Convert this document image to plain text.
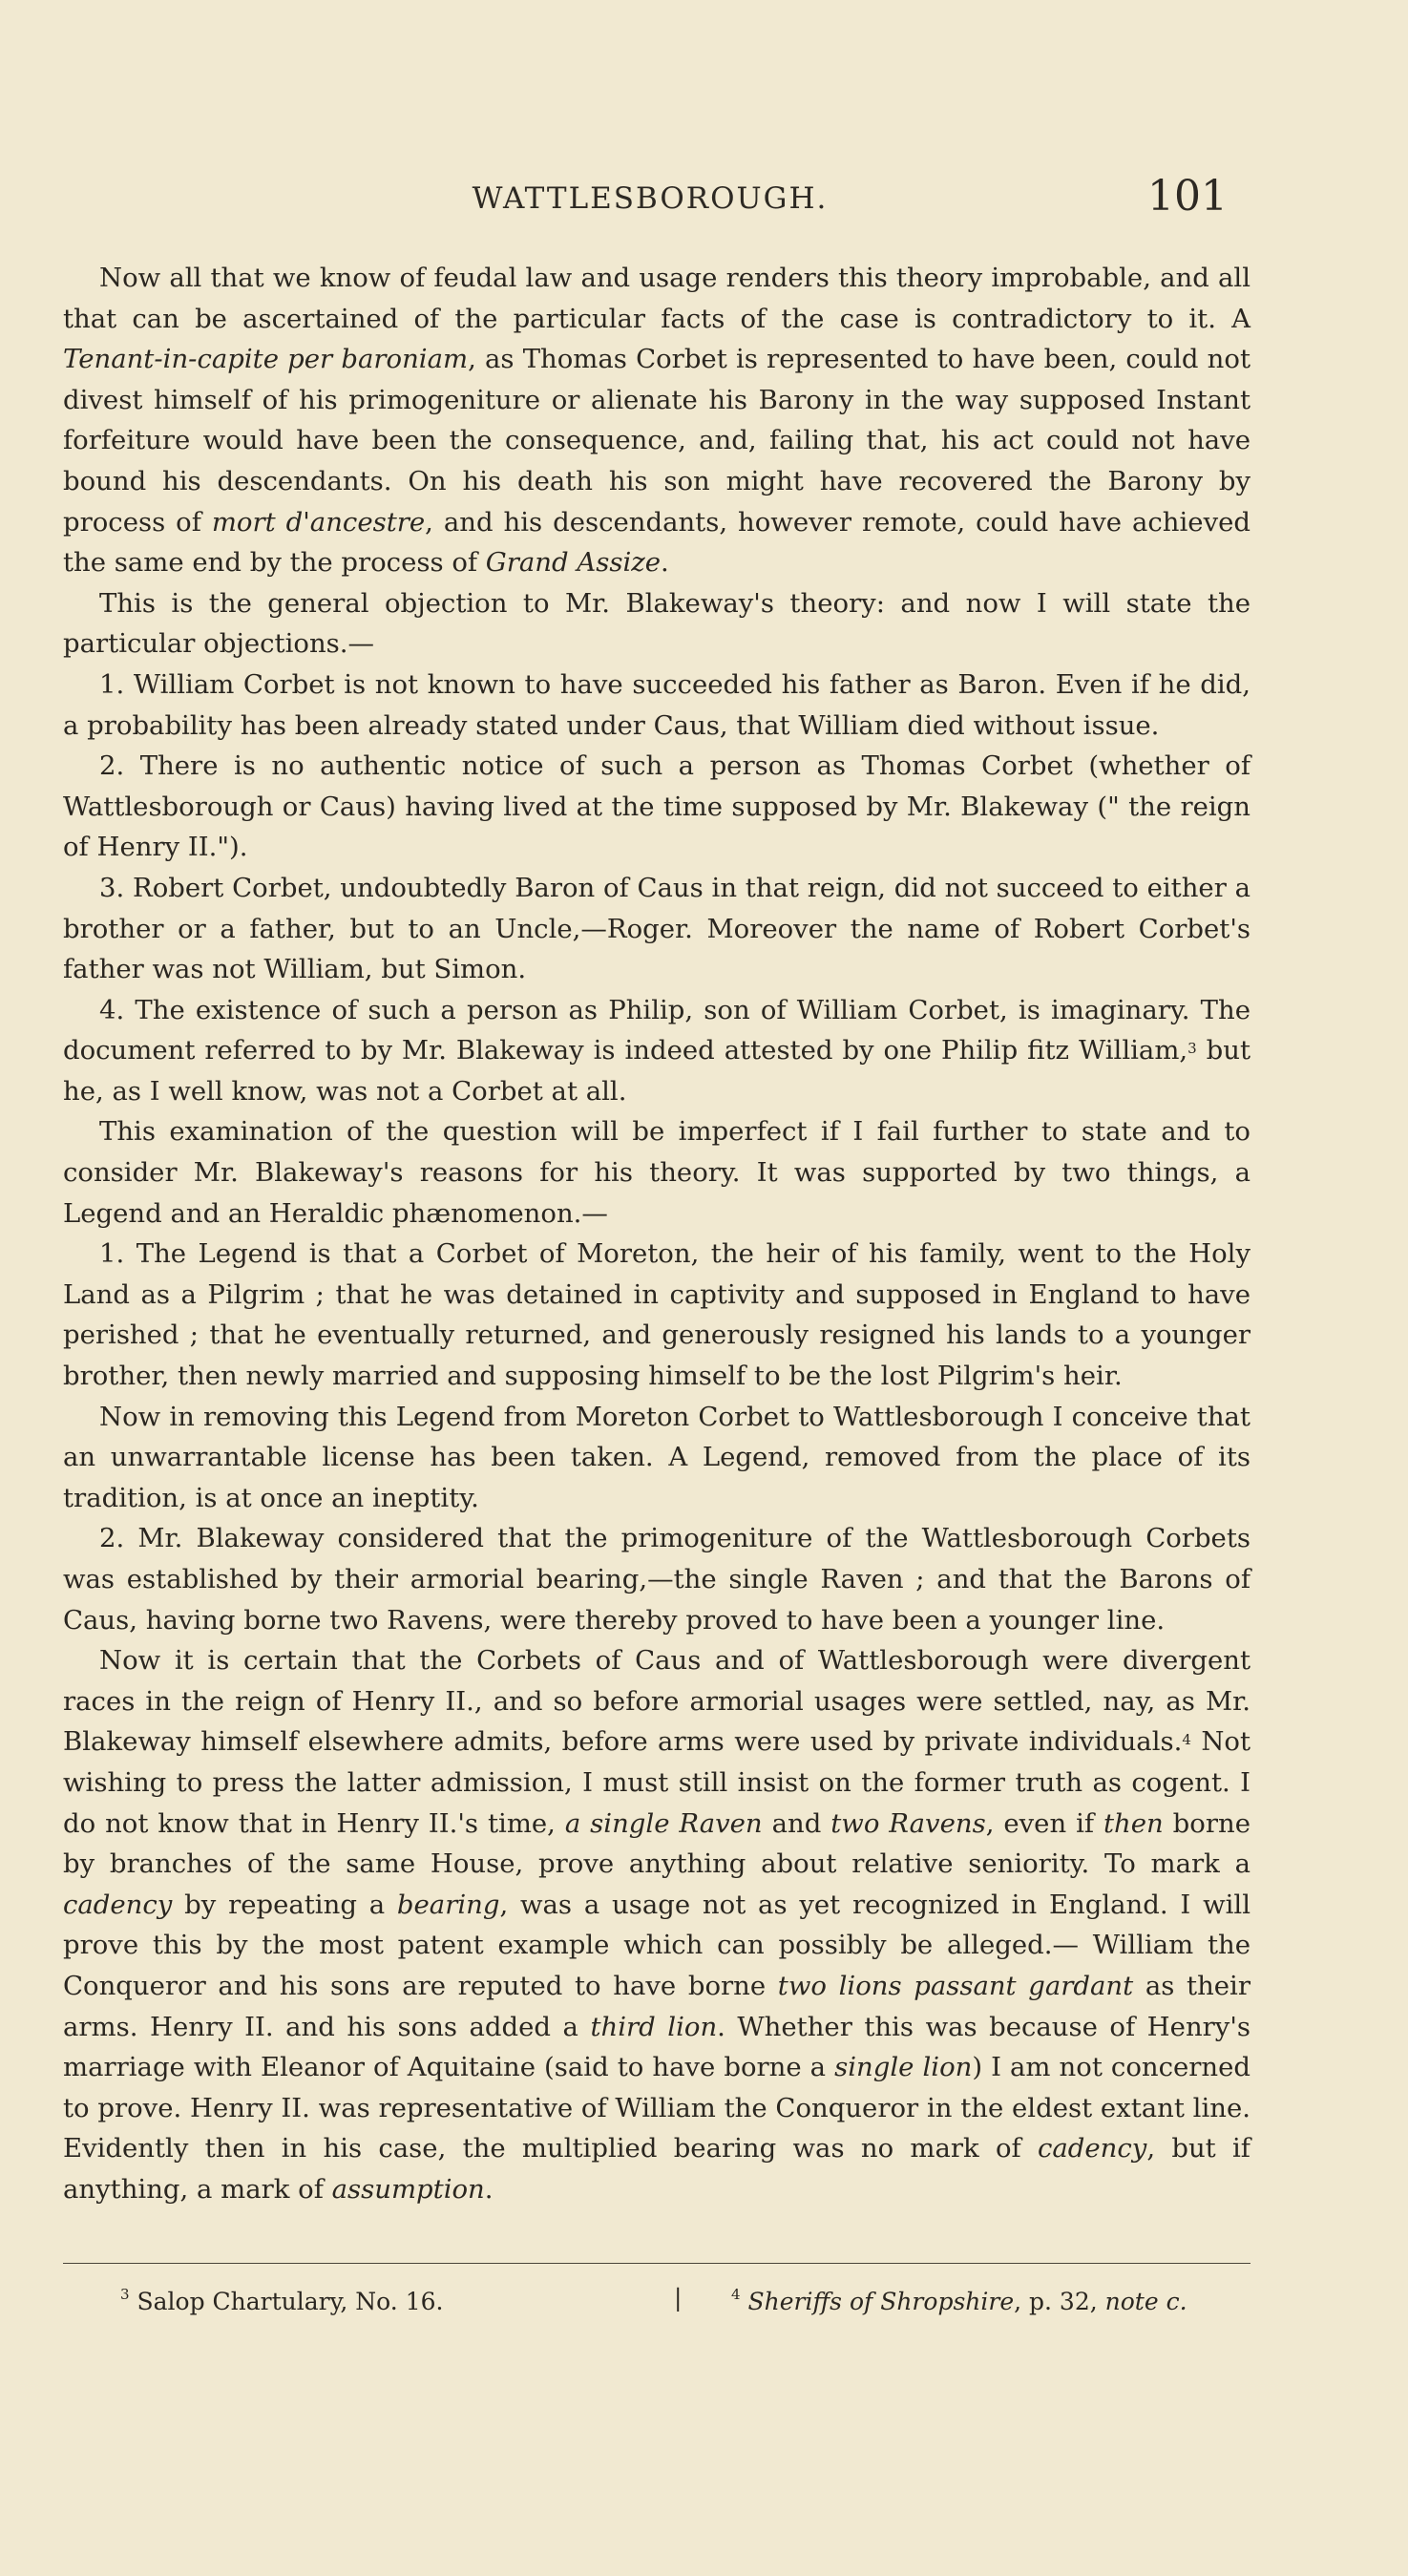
WATTLESBOROUGH.	101

Now all that we know of feudal law and usage renders this theory improbable, and all that can be ascertained of the particular facts of the case is contradictory to it. A Tenant-in-capite per baroniam, as Thomas Corbet is represented to have been, could not divest himself of his primogeniture or alienate his Barony in the way supposed Instant forfeiture would have been the consequence, and, failing that, his act could not have bound his descendants. On his death his son might have recovered the Barony by process of mort d'ancestre, and his descendants, however remote, could have achieved the same end by the process of Grand Assize.

This is the general objection to Mr. Blakeway's theory: and now I will state the particular objections.—

1. William Corbet is not known to have succeeded his father as Baron. Even if he did, a probability has been already stated under Caus, that William died without issue.

2. There is no authentic notice of such a person as Thomas Corbet (whether of Wattlesborough or Caus) having lived at the time supposed by Mr. Blakeway (" the reign of Henry II.").

3. Robert Corbet, undoubtedly Baron of Caus in that reign, did not succeed to either a brother or a father, but to an Uncle,—Roger. Moreover the name of Robert Corbet's father was not William, but Simon.

4. The existence of such a person as Philip, son of William Corbet, is imaginary. The document referred to by Mr. Blakeway is indeed attested by one Philip fitz William,$^3$ but he, as I well know, was not a Corbet at all.

This examination of the question will be imperfect if I fail further to state and to consider Mr. Blakeway's reasons for his theory. It was supported by two things, a Legend and an Heraldic phænomenon.—

1. The Legend is that a Corbet of Moreton, the heir of his family, went to the Holy Land as a Pilgrim ; that he was detained in captivity and supposed in England to have perished ; that he eventually returned, and generously resigned his lands to a younger brother, then newly married and supposing himself to be the lost Pilgrim's heir.

Now in removing this Legend from Moreton Corbet to Wattlesborough I conceive that an unwarrantable license has been taken. A Legend, removed from the place of its tradition, is at once an ineptity.

2. Mr. Blakeway considered that the primogeniture of the Wattlesborough Corbets was established by their armorial bearing,—the single Raven ; and that the Barons of Caus, having borne two Ravens, were thereby proved to have been a younger line.

Now it is certain that the Corbets of Caus and of Wattlesborough were divergent races in the reign of Henry II., and so before armorial usages were settled, nay, as Mr. Blakeway himself elsewhere admits, before arms were used by private individuals.$^4$ Not wishing to press the latter admission, I must still insist on the former truth as cogent. I do not know that in Henry II.'s time, a single Raven and two Ravens, even if then borne by branches of the same House, prove anything about relative seniority. To mark a cadency by repeating a bearing, was a usage not as yet recognized in England. I will prove this by the most patent example which can possibly be alleged.— William the Conqueror and his sons are reputed to have borne two lions passant gardant as their arms. Henry II. and his sons added a third lion. Whether this was because of Henry's marriage with Eleanor of Aquitaine (said to have borne a single lion) I am not concerned to prove. Henry II. was representative of William the Conqueror in the eldest extant line. Evidently then in his case, the multiplied bearing was no mark of cadency, but if anything, a mark of assumption.

$^3$ Salop Chartulary, No. 16.	|	$^4$ Sheriffs of Shropshire, p. 32, note c.
